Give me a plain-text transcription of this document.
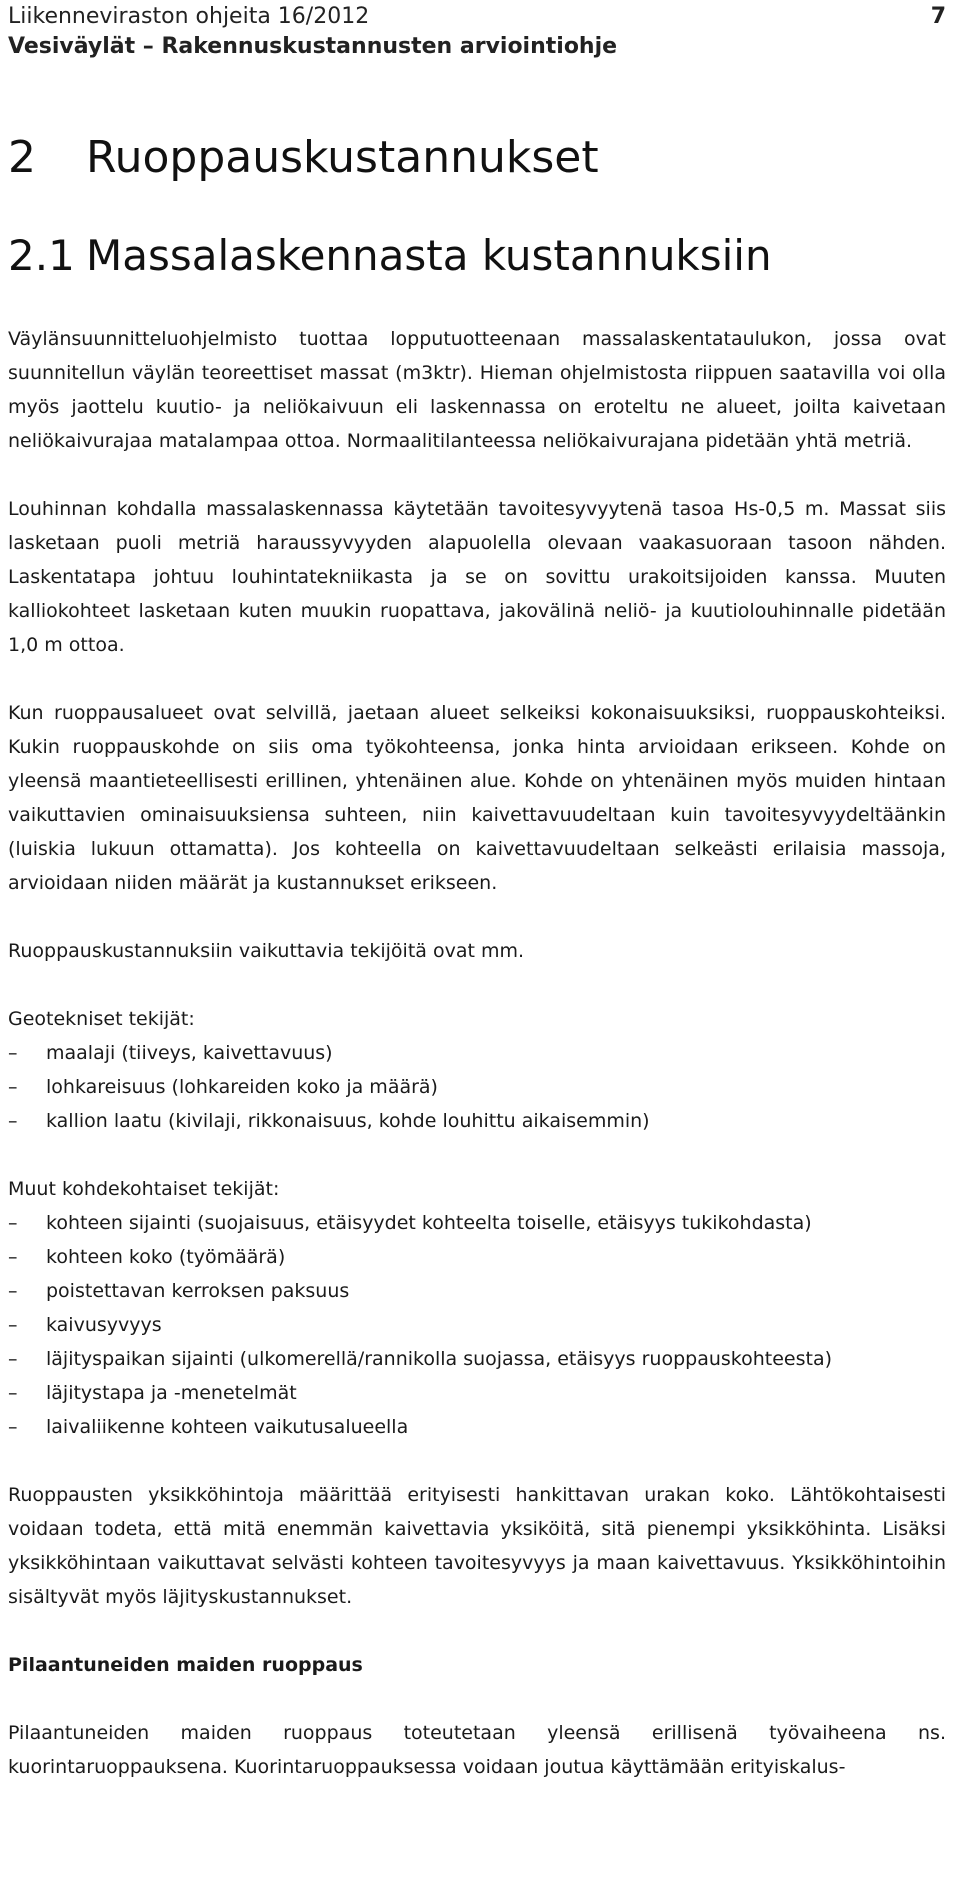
Liikenneviraston ohjeita 16/2012
Vesiväylät – Rakennuskustannusten arviointiohje
7
2 Ruoppauskustannukset
2.1 Massalaskennasta kustannuksiin

Väylänsuunnitteluohjelmisto tuottaa lopputuotteenaan massalaskentataulukon, jossa ovat suunnitellun väylän teoreettiset massat (m3ktr). Hieman ohjelmistosta riippuen saatavilla voi olla myös jaottelu kuutio- ja neliökaivuun eli laskennassa on eroteltu ne alueet, joilta kaivetaan neliökaivurajaa matalampaa ottoa. Normaalitilanteessa neliökaivurajana pidetään yhtä metriä.

Louhinnan kohdalla massalaskennassa käytetään tavoitesyvyytenä tasoa Hs-0,5 m. Massat siis lasketaan puoli metriä haraussyvyyden alapuolella olevaan vaakasuoraan tasoon nähden. Laskentatapa johtuu louhintatekniikasta ja se on sovittu urakoitsijoiden kanssa. Muuten kalliokohteet lasketaan kuten muukin ruopattava, jakovälinä neliö- ja kuutiolouhinnalle pidetään 1,0 m ottoa.

Kun ruoppausalueet ovat selvillä, jaetaan alueet selkeiksi kokonaisuuksiksi, ruoppauskohteiksi. Kukin ruoppauskohde on siis oma työkohteensa, jonka hinta arvioidaan erikseen. Kohde on yleensä maantieteellisesti erillinen, yhtenäinen alue. Kohde on yhtenäinen myös muiden hintaan vaikuttavien ominaisuuksiensa suhteen, niin kaivettavuudeltaan kuin tavoitesyvyydeltäänkin (luiskia lukuun ottamatta). Jos kohteella on kaivettavuudeltaan selkeästi erilaisia massoja, arvioidaan niiden määrät ja kustannukset erikseen.

Ruoppauskustannuksiin vaikuttavia tekijöitä ovat mm.

Geotekniset tekijät:

–	maalaji (tiiveys, kaivettavuus)
–	lohkareisuus (lohkareiden koko ja määrä)
–	kallion laatu (kivilaji, rikkonaisuus, kohde louhittu aikaisemmin)

Muut kohdekohtaiset tekijät:

–	kohteen sijainti (suojaisuus, etäisyydet kohteelta toiselle, etäisyys tukikohdasta)
–	kohteen koko (työmäärä)
–	poistettavan kerroksen paksuus
–	kaivusyvyys
–	läjityspaikan sijainti (ulkomerellä/rannikolla suojassa, etäisyys ruoppauskohteesta)
–	läjitystapa ja -menetelmät
–	laivaliikenne kohteen vaikutusalueella

Ruoppausten yksikköhintoja määrittää erityisesti hankittavan urakan koko. Lähtökohtaisesti voidaan todeta, että mitä enemmän kaivettavia yksiköitä, sitä pienempi yksikköhinta. Lisäksi yksikköhintaan vaikuttavat selvästi kohteen tavoitesyvyys ja maan kaivettavuus. Yksikköhintoihin sisältyvät myös läjityskustannukset.

Pilaantuneiden maiden ruoppaus

Pilaantuneiden maiden ruoppaus toteutetaan yleensä erillisenä työvaiheena ns. kuorintaruoppauksena. Kuorintaruoppauksessa voidaan joutua käyttämään erityiskalus-
